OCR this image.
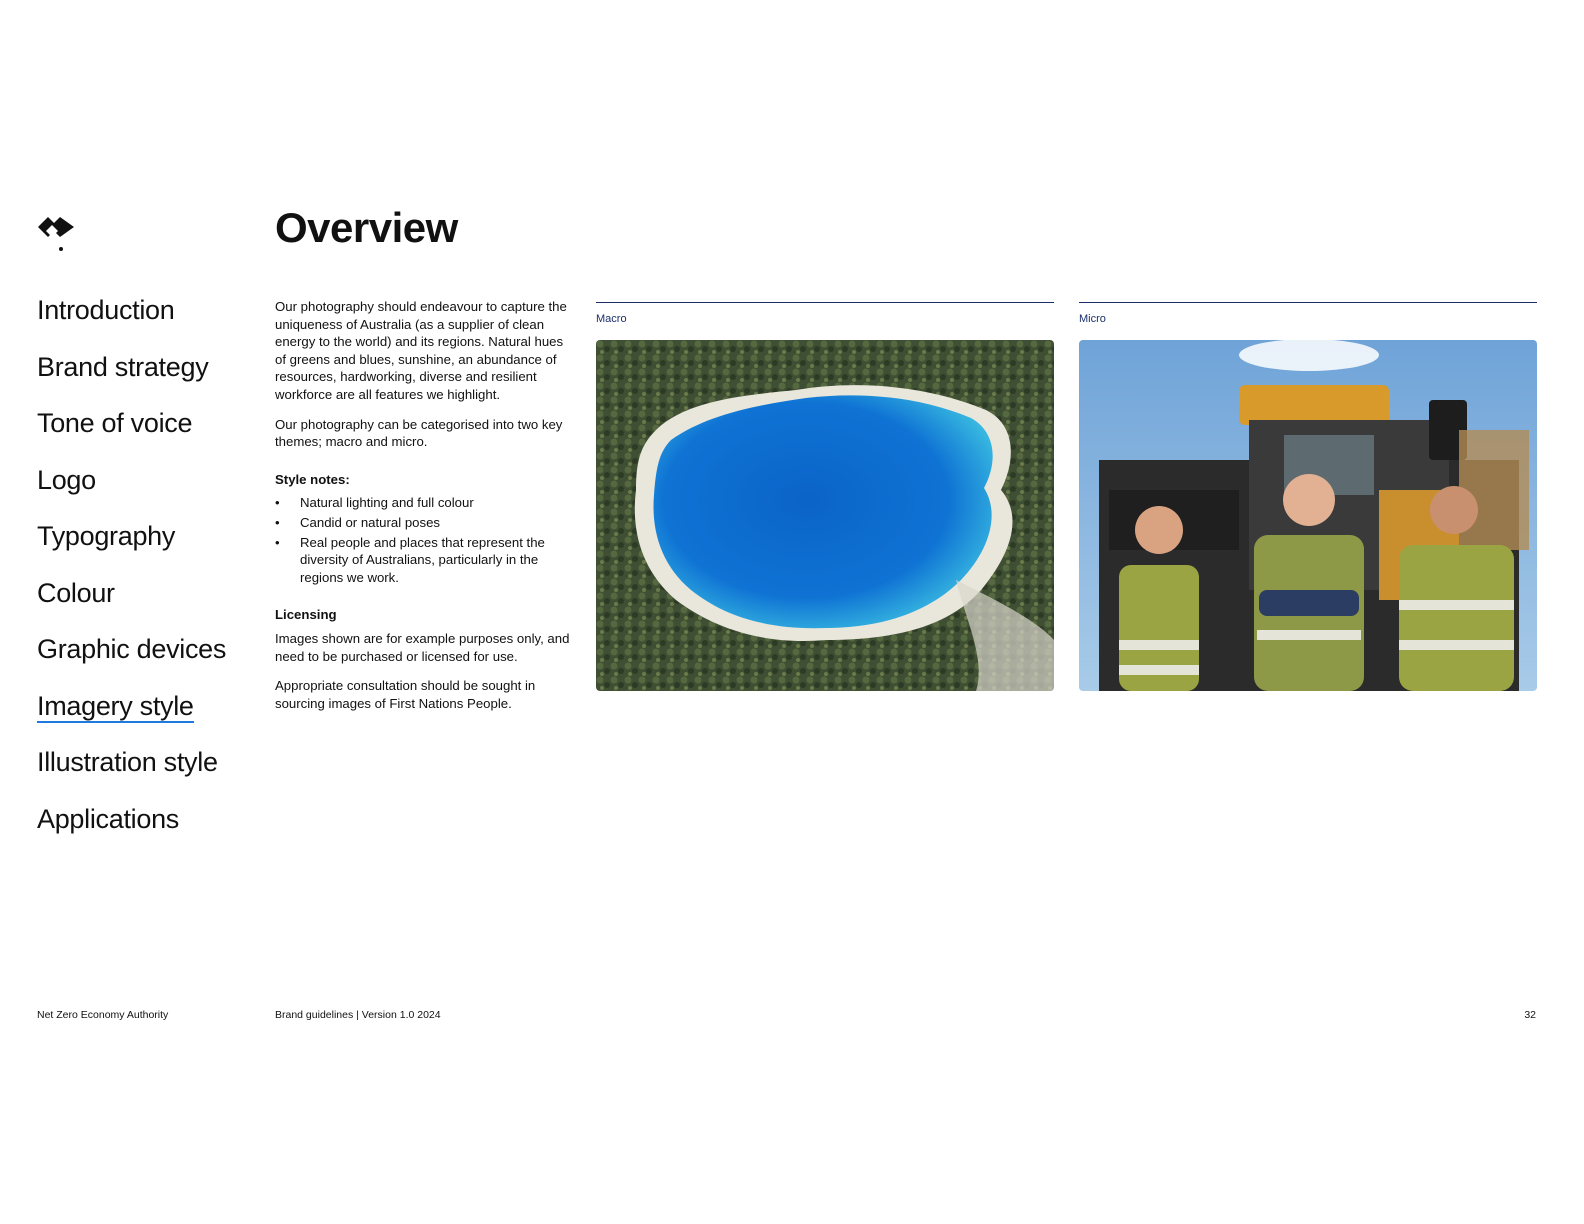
Overview
Introduction
Brand strategy
Tone of voice
Logo
Typography
Colour
Graphic devices
Imagery style
Illustration style
Applications

Our photography should endeavour to capture the uniqueness of Australia (as a supplier of clean energy to the world) and its regions. Natural hues of greens and blues, sunshine, an abundance of resources, hardworking, diverse and resilient workforce are all features we highlight.

Our photography can be categorised into two key themes; macro and micro.

Style notes:
• Natural lighting and full colour
• Candid or natural poses
• Real people and places that represent the diversity of Australians, particularly in the regions we work.
Licensing

Images shown are for example purposes only, and need to be purchased or licensed for use.

Appropriate consultation should be sought in sourcing images of First Nations People.

Macro	Micro
Net Zero Economy Authority	Brand guidelines | Version 1.0 2024	32
